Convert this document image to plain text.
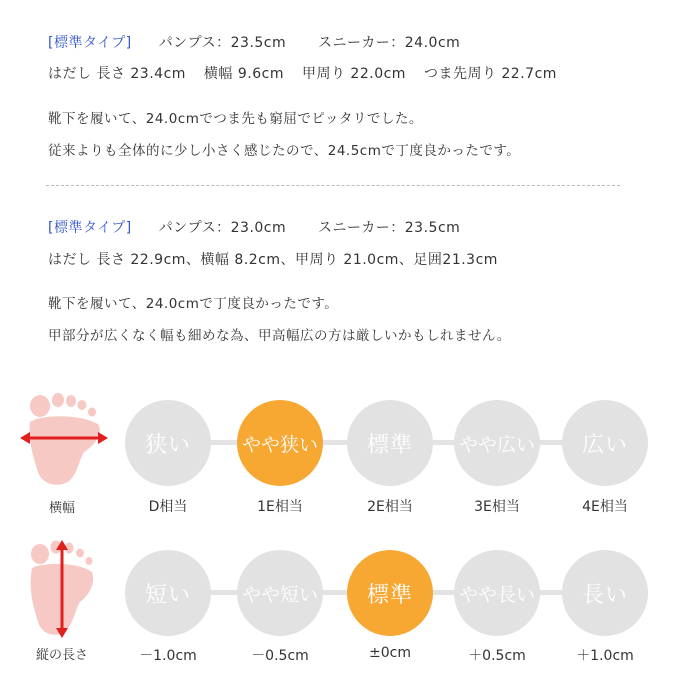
[標準タイプ] パンプス：23.5cm スニーカー：24.0cm
はだし 長さ 23.4cm 横幅 9.6cm 甲周り 22.0cm つま先周り 22.7cm
靴下を履いて、24.0cmでつま先も窮屈でピッタリでした。
従来よりも全体的に少し小さく感じたので、24.5cmで丁度良かったです。
[標準タイプ] パンプス：23.0cm スニーカー：23.5cm
はだし 長さ 22.9cm、横幅 8.2cm、甲周り 21.0cm、足囲21.3cm
靴下を履いて、24.0cmで丁度良かったです。
甲部分が広くなく幅も細めな為、甲高幅広の方は厳しいかもしれません。
横幅
狭い	やや狭い	標準	やや広い	広い
D相当	1E相当	2E相当	3E相当	4E相当
縦の長さ
短い	やや短い	標準	やや長い	長い
－1.0cm	－0.5cm	±0cm	＋0.5cm	＋1.0cm
